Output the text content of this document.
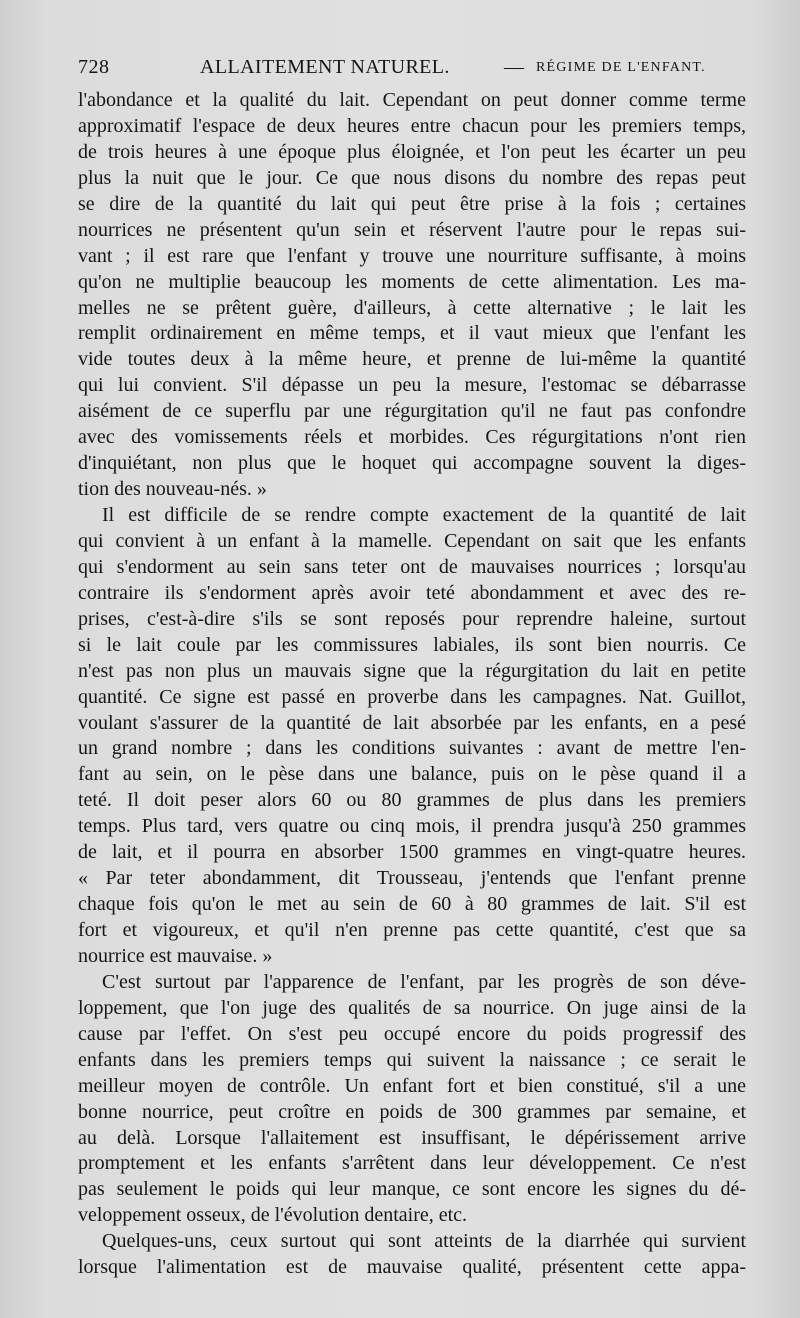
728	ALLAITEMENT NATUREL.	— RÉGIME DE L'ENFANT.
l'abondance et la qualité du lait. Cependant on peut donner comme terme
approximatif l'espace de deux heures entre chacun pour les premiers temps,
de trois heures à une époque plus éloignée, et l'on peut les écarter un peu
plus la nuit que le jour. Ce que nous disons du nombre des repas peut
se dire de la quantité du lait qui peut être prise à la fois ; certaines
nourrices ne présentent qu'un sein et réservent l'autre pour le repas sui-
vant ; il est rare que l'enfant y trouve une nourriture suffisante, à moins
qu'on ne multiplie beaucoup les moments de cette alimentation. Les ma-
melles ne se prêtent guère, d'ailleurs, à cette alternative ; le lait les
remplit ordinairement en même temps, et il vaut mieux que l'enfant les
vide toutes deux à la même heure, et prenne de lui-même la quantité
qui lui convient. S'il dépasse un peu la mesure, l'estomac se débarrasse
aisément de ce superflu par une régurgitation qu'il ne faut pas confondre
avec des vomissements réels et morbides. Ces régurgitations n'ont rien
d'inquiétant, non plus que le hoquet qui accompagne souvent la diges-
tion des nouveau-nés. »
Il est difficile de se rendre compte exactement de la quantité de lait
qui convient à un enfant à la mamelle. Cependant on sait que les enfants
qui s'endorment au sein sans teter ont de mauvaises nourrices ; lorsqu'au
contraire ils s'endorment après avoir teté abondamment et avec des re-
prises, c'est-à-dire s'ils se sont reposés pour reprendre haleine, surtout
si le lait coule par les commissures labiales, ils sont bien nourris. Ce
n'est pas non plus un mauvais signe que la régurgitation du lait en petite
quantité. Ce signe est passé en proverbe dans les campagnes. Nat. Guillot,
voulant s'assurer de la quantité de lait absorbée par les enfants, en a pesé
un grand nombre ; dans les conditions suivantes : avant de mettre l'en-
fant au sein, on le pèse dans une balance, puis on le pèse quand il a
teté. Il doit peser alors 60 ou 80 grammes de plus dans les premiers
temps. Plus tard, vers quatre ou cinq mois, il prendra jusqu'à 250 grammes
de lait, et il pourra en absorber 1500 grammes en vingt-quatre heures.
« Par teter abondamment, dit Trousseau, j'entends que l'enfant prenne
chaque fois qu'on le met au sein de 60 à 80 grammes de lait. S'il est
fort et vigoureux, et qu'il n'en prenne pas cette quantité, c'est que sa
nourrice est mauvaise. »
C'est surtout par l'apparence de l'enfant, par les progrès de son déve-
loppement, que l'on juge des qualités de sa nourrice. On juge ainsi de la
cause par l'effet. On s'est peu occupé encore du poids progressif des
enfants dans les premiers temps qui suivent la naissance ; ce serait le
meilleur moyen de contrôle. Un enfant fort et bien constitué, s'il a une
bonne nourrice, peut croître en poids de 300 grammes par semaine, et
au delà. Lorsque l'allaitement est insuffisant, le dépérissement arrive
promptement et les enfants s'arrêtent dans leur développement. Ce n'est
pas seulement le poids qui leur manque, ce sont encore les signes du dé-
veloppement osseux, de l'évolution dentaire, etc.
Quelques-uns, ceux surtout qui sont atteints de la diarrhée qui survient
lorsque l'alimentation est de mauvaise qualité, présentent cette appa-
